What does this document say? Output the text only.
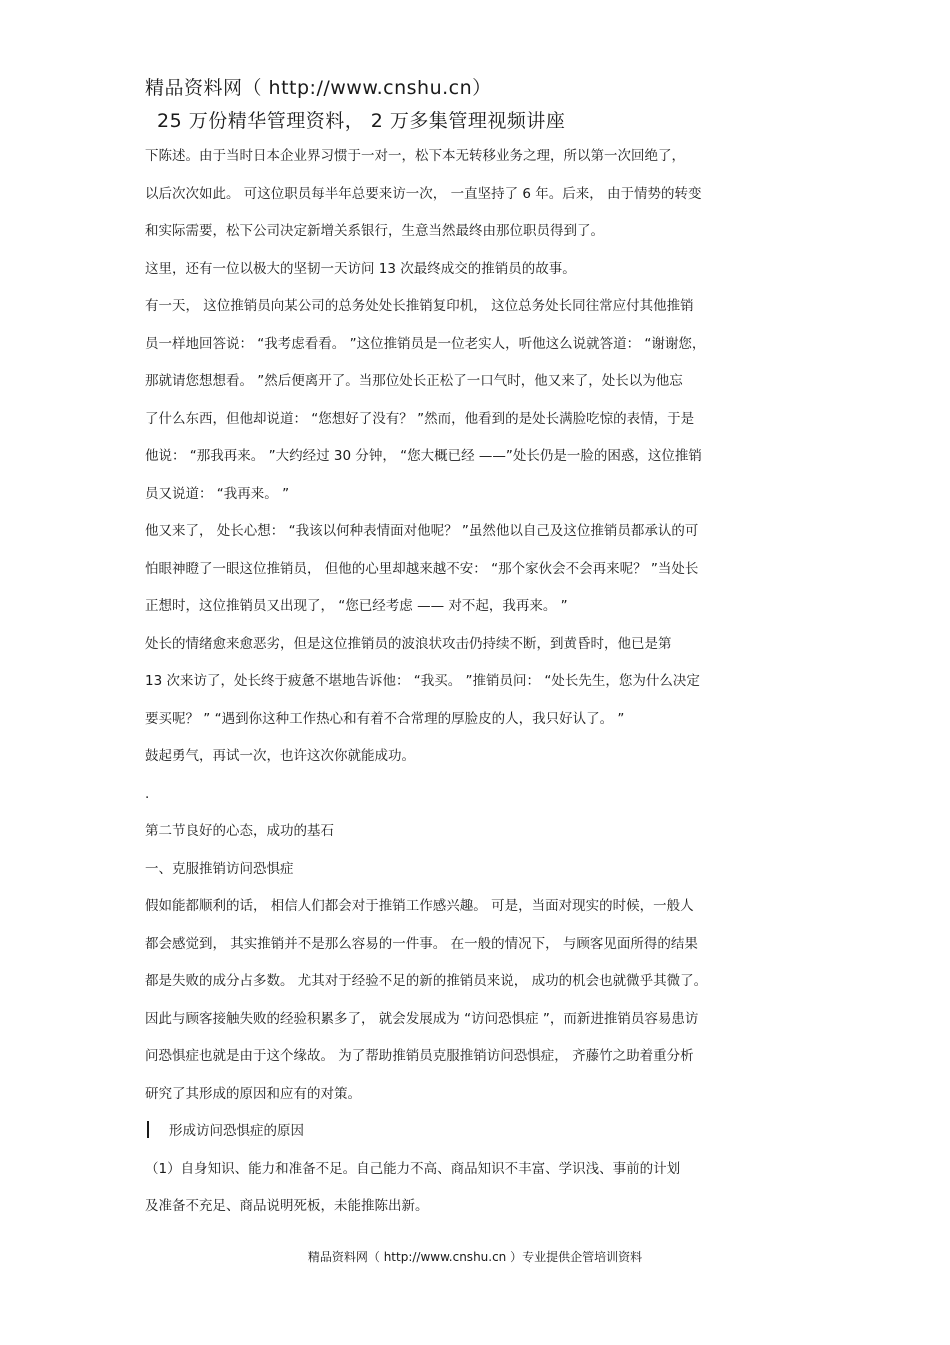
精品资料网（ http://www.cnshu.cn）
25 万份精华管理资料， 2 万多集管理视频讲座
下陈述。由于当时日本企业界习惯于一对一，松下本无转移业务之理，所以第一次回绝了，
以后次次如此。 可这位职员每半年总要来访一次， 一直坚持了 6 年。后来， 由于情势的转变
和实际需要，松下公司决定新增关系银行，生意当然最终由那位职员得到了。
这里，还有一位以极大的坚韧一天访问 13 次最终成交的推销员的故事。
有一天， 这位推销员向某公司的总务处处长推销复印机， 这位总务处长同往常应付其他推销
员一样地回答说： “我考虑看看。 ”这位推销员是一位老实人，听他这么说就答道： “谢谢您，
那就请您想想看。 ”然后便离开了。当那位处长正松了一口气时，他又来了，处长以为他忘
了什么东西，但他却说道： “您想好了没有？ ”然而，他看到的是处长满脸吃惊的表情，于是
他说： “那我再来。 ”大约经过 30 分钟， “您大概已经 ——”处长仍是一脸的困惑，这位推销
员又说道： “我再来。 ”
他又来了， 处长心想： “我该以何种表情面对他呢？ ”虽然他以自己及这位推销员都承认的可
怕眼神瞪了一眼这位推销员， 但他的心里却越来越不安： “那个家伙会不会再来呢？ ”当处长
正想时，这位推销员又出现了， “您已经考虑 —— 对不起，我再来。 ”
处长的情绪愈来愈恶劣，但是这位推销员的波浪状攻击仍持续不断，到黄昏时，他已是第
13 次来访了，处长终于疲惫不堪地告诉他： “我买。 ”推销员问： “处长先生，您为什么决定
要买呢？ ” “遇到你这种工作热心和有着不合常理的厚脸皮的人，我只好认了。 ”
鼓起勇气，再试一次，也许这次你就能成功。
.
第二节良好的心态，成功的基石
一、克服推销访问恐惧症
假如能都顺利的话， 相信人们都会对于推销工作感兴趣。 可是，当面对现实的时候，一般人
都会感觉到， 其实推销并不是那么容易的一件事。 在一般的情况下， 与顾客见面所得的结果
都是失败的成分占多数。 尤其对于经验不足的新的推销员来说， 成功的机会也就微乎其微了。
因此与顾客接触失败的经验积累多了， 就会发展成为 “访问恐惧症 ”，而新进推销员容易患访
问恐惧症也就是由于这个缘故。 为了帮助推销员克服推销访问恐惧症， 齐藤竹之助着重分析
研究了其形成的原因和应有的对策。
形成访问恐惧症的原因
（1）自身知识、能力和准备不足。自己能力不高、商品知识不丰富、学识浅、事前的计划
及准备不充足、商品说明死板，未能推陈出新。
精品资料网（ http://www.cnshu.cn ）专业提供企管培训资料
